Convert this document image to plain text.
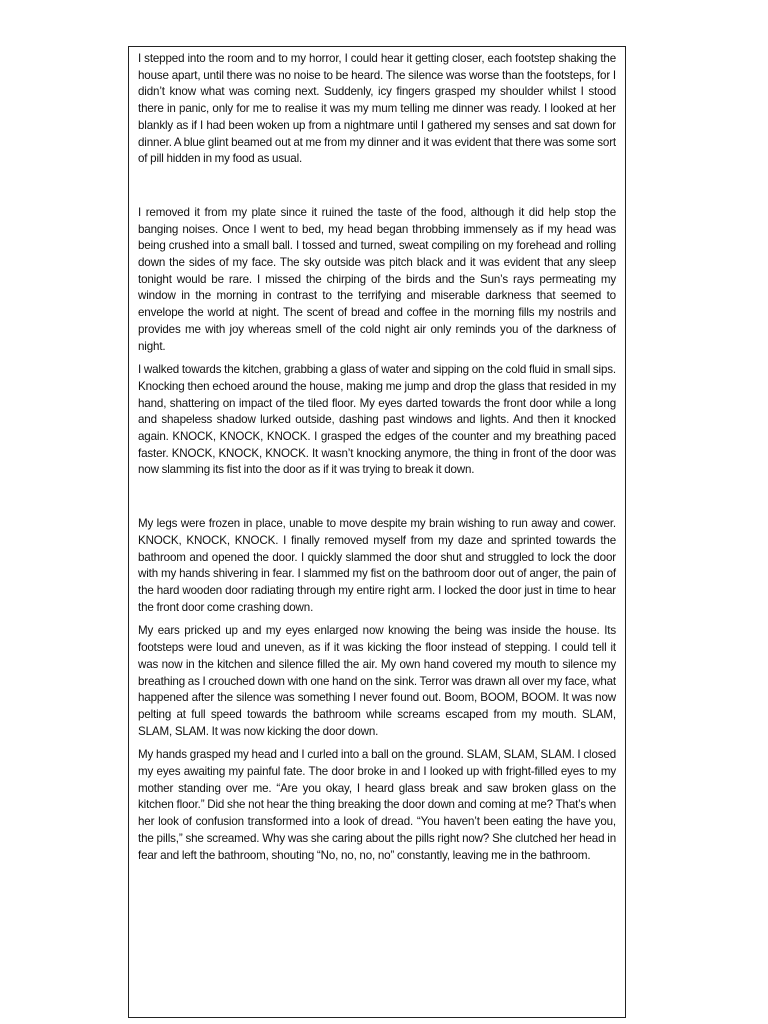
I stepped into the room and to my horror, I could hear it getting closer, each footstep shaking the house apart, until there was no noise to be heard. The silence was worse than the footsteps, for I didn’t know what was coming next. Suddenly, icy fingers grasped my shoulder whilst I stood there in panic, only for me to realise it was my mum telling me dinner was ready. I looked at her blankly as if I had been woken up from a nightmare until I gathered my senses and sat down for dinner. A blue glint beamed out at me from my dinner and it was evident that there was some sort of pill hidden in my food as usual.

I removed it from my plate since it ruined the taste of the food, although it did help stop the banging noises. Once I went to bed, my head began throbbing immensely as if my head was being crushed into a small ball. I tossed and turned, sweat compiling on my forehead and rolling down the sides of my face. The sky outside was pitch black and it was evident that any sleep tonight would be rare. I missed the chirping of the birds and the Sun’s rays permeating my window in the morning in contrast to the terrifying and miserable darkness that seemed to envelope the world at night. The scent of bread and coffee in the morning fills my nostrils and provides me with joy whereas smell of the cold night air only reminds you of the darkness of night.

I walked towards the kitchen, grabbing a glass of water and sipping on the cold fluid in small sips. Knocking then echoed around the house, making me jump and drop the glass that resided in my hand, shattering on impact of the tiled floor. My eyes darted towards the front door while a long and shapeless shadow lurked outside, dashing past windows and lights. And then it knocked again. KNOCK, KNOCK, KNOCK. I grasped the edges of the counter and my breathing paced faster. KNOCK, KNOCK, KNOCK. It wasn’t knocking anymore, the thing in front of the door was now slamming its fist into the door as if it was trying to break it down.

My legs were frozen in place, unable to move despite my brain wishing to run away and cower. KNOCK, KNOCK, KNOCK. I finally removed myself from my daze and sprinted towards the bathroom and opened the door. I quickly slammed the door shut and struggled to lock the door with my hands shivering in fear. I slammed my fist on the bathroom door out of anger, the pain of the hard wooden door radiating through my entire right arm. I locked the door just in time to hear the front door come crashing down.

My ears pricked up and my eyes enlarged now knowing the being was inside the house. Its footsteps were loud and uneven, as if it was kicking the floor instead of stepping. I could tell it was now in the kitchen and silence filled the air. My own hand covered my mouth to silence my breathing as I crouched down with one hand on the sink. Terror was drawn all over my face, what happened after the silence was something I never found out. Boom, BOOM, BOOM. It was now pelting at full speed towards the bathroom while screams escaped from my mouth. SLAM, SLAM, SLAM. It was now kicking the door down.

My hands grasped my head and I curled into a ball on the ground. SLAM, SLAM, SLAM. I closed my eyes awaiting my painful fate. The door broke in and I looked up with fright-filled eyes to my mother standing over me. “Are you okay, I heard glass break and saw broken glass on the kitchen floor.” Did she not hear the thing breaking the door down and coming at me? That’s when her look of confusion transformed into a look of dread. “You haven’t been eating the have you, the pills,” she screamed. Why was she caring about the pills right now? She clutched her head in fear and left the bathroom, shouting “No, no, no, no” constantly, leaving me in the bathroom.
